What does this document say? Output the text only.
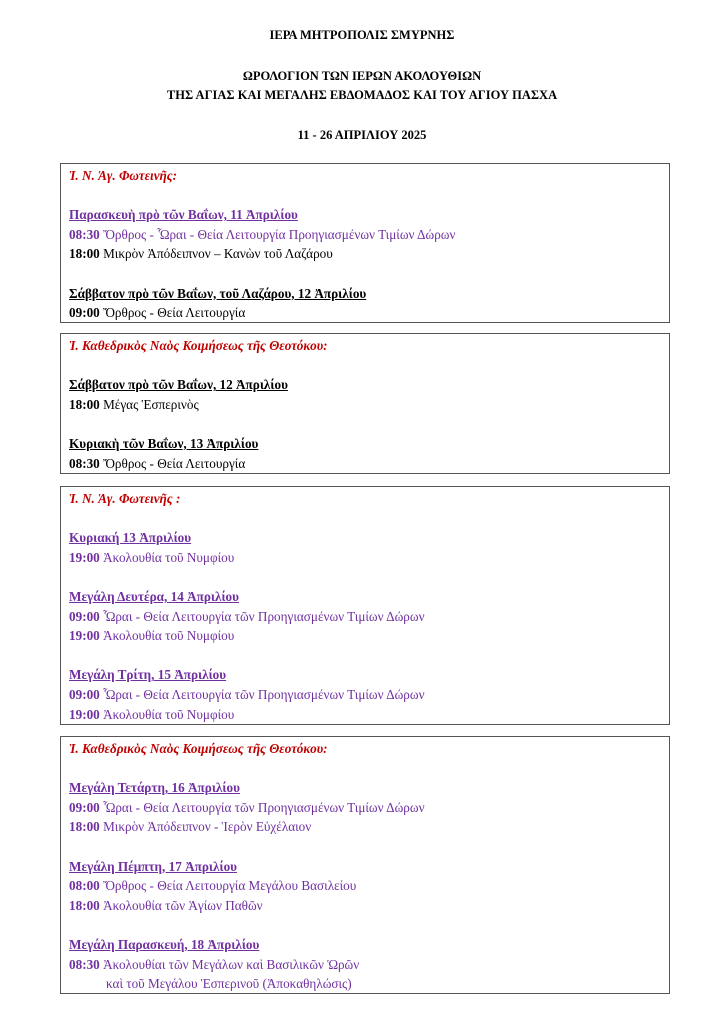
ΙΕΡΑ ΜΗΤΡΟΠΟΛΙΣ ΣΜΥΡΝΗΣ
ΩΡΟΛΟΓΙΟΝ ΤΩΝ ΙΕΡΩΝ ΑΚΟΛΟΥΘΙΩΝ
ΤΗΣ ΑΓΙΑΣ ΚΑΙ ΜΕΓΑΛΗΣ ΕΒΔΟΜΑΔΟΣ ΚΑΙ ΤΟΥ ΑΓΙΟΥ ΠΑΣΧΑ
11 - 26 ΑΠΡΙΛΙΟΥ 2025
Ἱ. Ν. Ἁγ. Φωτεινῆς:
Παρασκευὴ πρὸ τῶν Βαΐων, 11 Ἀπριλίου
08:30 Ὄρθρος - Ὧραι - Θεία Λειτουργία Προηγιασμένων Τιμίων Δώρων
18:00 Μικρὸν Ἀπόδειπνον – Κανὼν τοῦ Λαζάρου
Σάββατον πρὸ τῶν Βαΐων, τοῦ Λαζάρου, 12 Ἀπριλίου
09:00 Ὄρθρος - Θεία Λειτουργία
Ἱ. Καθεδρικὸς Ναὸς Κοιμήσεως τῆς Θεοτόκου:
Σάββατον πρὸ τῶν Βαΐων, 12 Ἀπριλίου
18:00 Μέγας Ἑσπερινὸς
Κυριακὴ τῶν Βαΐων, 13 Ἀπριλίου
08:30 Ὄρθρος - Θεία Λειτουργία
Ἱ. Ν. Ἁγ. Φωτεινῆς :
Κυριακή 13 Ἀπριλίου
19:00 Ἀκολουθία τοῦ Νυμφίου
Μεγάλη Δευτέρα, 14 Ἀπριλίου
09:00 Ὧραι - Θεία Λειτουργία τῶν Προηγιασμένων Τιμίων Δώρων
19:00 Ἀκολουθία τοῦ Νυμφίου
Μεγάλη Τρίτη, 15 Ἀπριλίου
09:00 Ὧραι - Θεία Λειτουργία τῶν Προηγιασμένων Τιμίων Δώρων
19:00 Ἀκολουθία τοῦ Νυμφίου
Ἱ. Καθεδρικὸς Ναὸς Κοιμήσεως τῆς Θεοτόκου:
Μεγάλη Τετάρτη, 16 Ἀπριλίου
09:00 Ὧραι - Θεία Λειτουργία τῶν Προηγιασμένων Τιμίων Δώρων
18:00 Μικρὸν Ἀπόδειπνον - Ἱερὸν Εὐχέλαιον
Μεγάλη Πέμπτη, 17 Ἀπριλίου
08:00 Ὄρθρος - Θεία Λειτουργία Μεγάλου Βασιλείου
18:00 Ἀκολουθία τῶν Ἁγίων Παθῶν
Μεγάλη Παρασκευή, 18 Ἀπριλίου
08:30 Ἀκολουθίαι τῶν Μεγάλων καὶ Βασιλικῶν Ὡρῶν
καὶ τοῦ Μεγάλου Ἑσπερινοῦ (Ἀποκαθηλώσις)
